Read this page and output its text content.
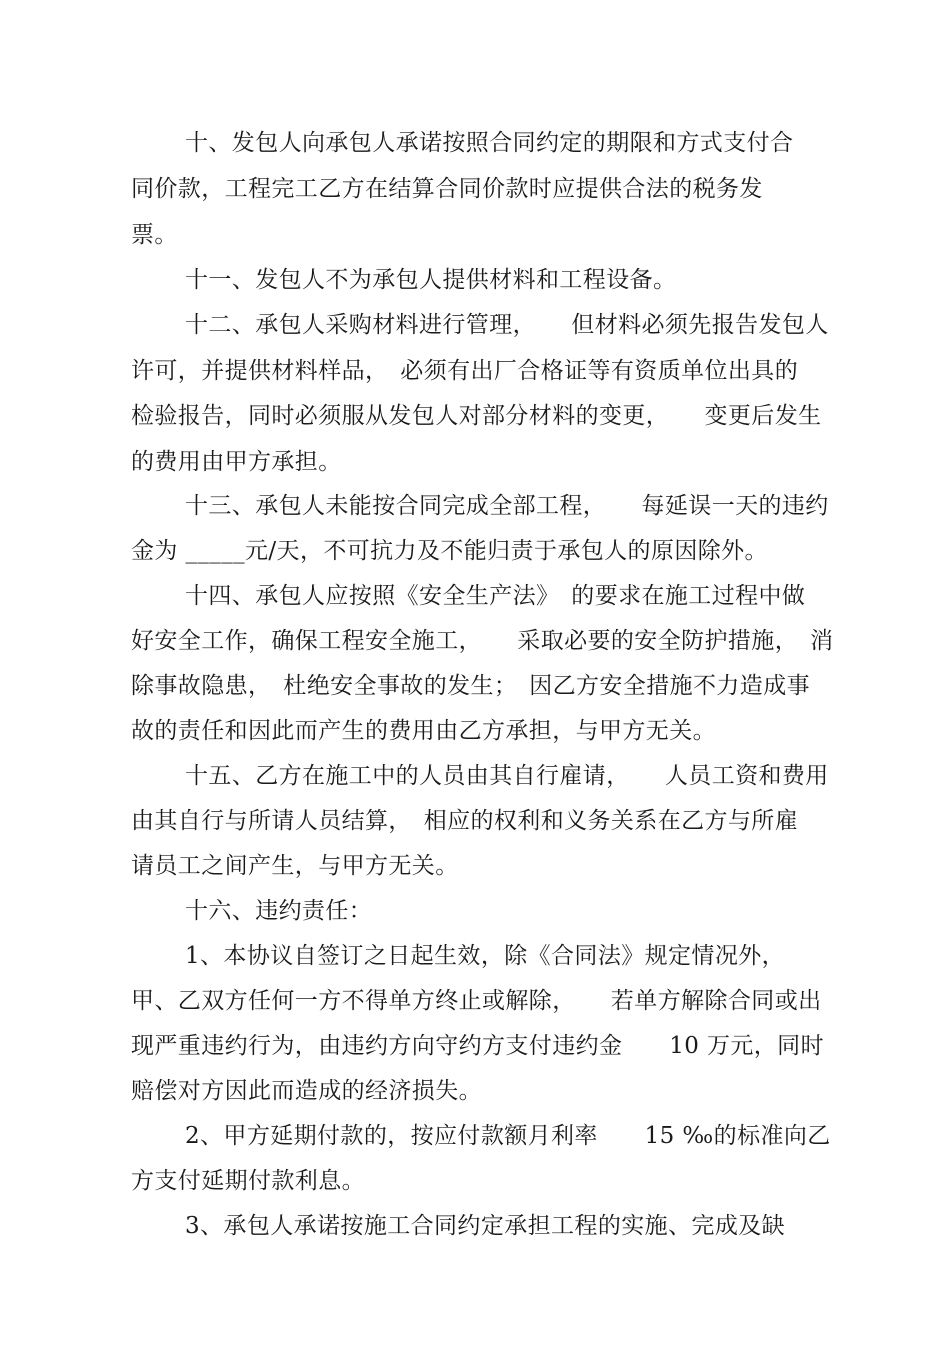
十、发包人向承包人承诺按照合同约定的期限和方式支付合
同价款，工程完工乙方在结算合同价款时应提供合法的税务发
票。
十一、发包人不为承包人提供材料和工程设备。
十二、承包人采购材料进行管理，　　但材料必须先报告发包人
许可，并提供材料样品，　必须有出厂合格证等有资质单位出具的
检验报告，同时必须服从发包人对部分材料的变更，　　变更后发生
的费用由甲方承担。
十三、承包人未能按合同完成全部工程，　　每延误一天的违约
金为 _____元/天，不可抗力及不能归责于承包人的原因除外。
十四、承包人应按照《安全生产法》　的要求在施工过程中做
好安全工作，确保工程安全施工，　　采取必要的安全防护措施，　消
除事故隐患，　杜绝安全事故的发生；　因乙方安全措施不力造成事
故的责任和因此而产生的费用由乙方承担，与甲方无关。
十五、乙方在施工中的人员由其自行雇请，　　人员工资和费用
由其自行与所请人员结算，　相应的权利和义务关系在乙方与所雇
请员工之间产生，与甲方无关。
十六、违约责任：
1、本协议自签订之日起生效，除《合同法》规定情况外，
甲、乙双方任何一方不得单方终止或解除，　　若单方解除合同或出
现严重违约行为，由违约方向守约方支付违约金　　10 万元，同时
赔偿对方因此而造成的经济损失。
2、甲方延期付款的，按应付款额月利率　　15 ‰的标准向乙
方支付延期付款利息。
3、承包人承诺按施工合同约定承担工程的实施、完成及缺
